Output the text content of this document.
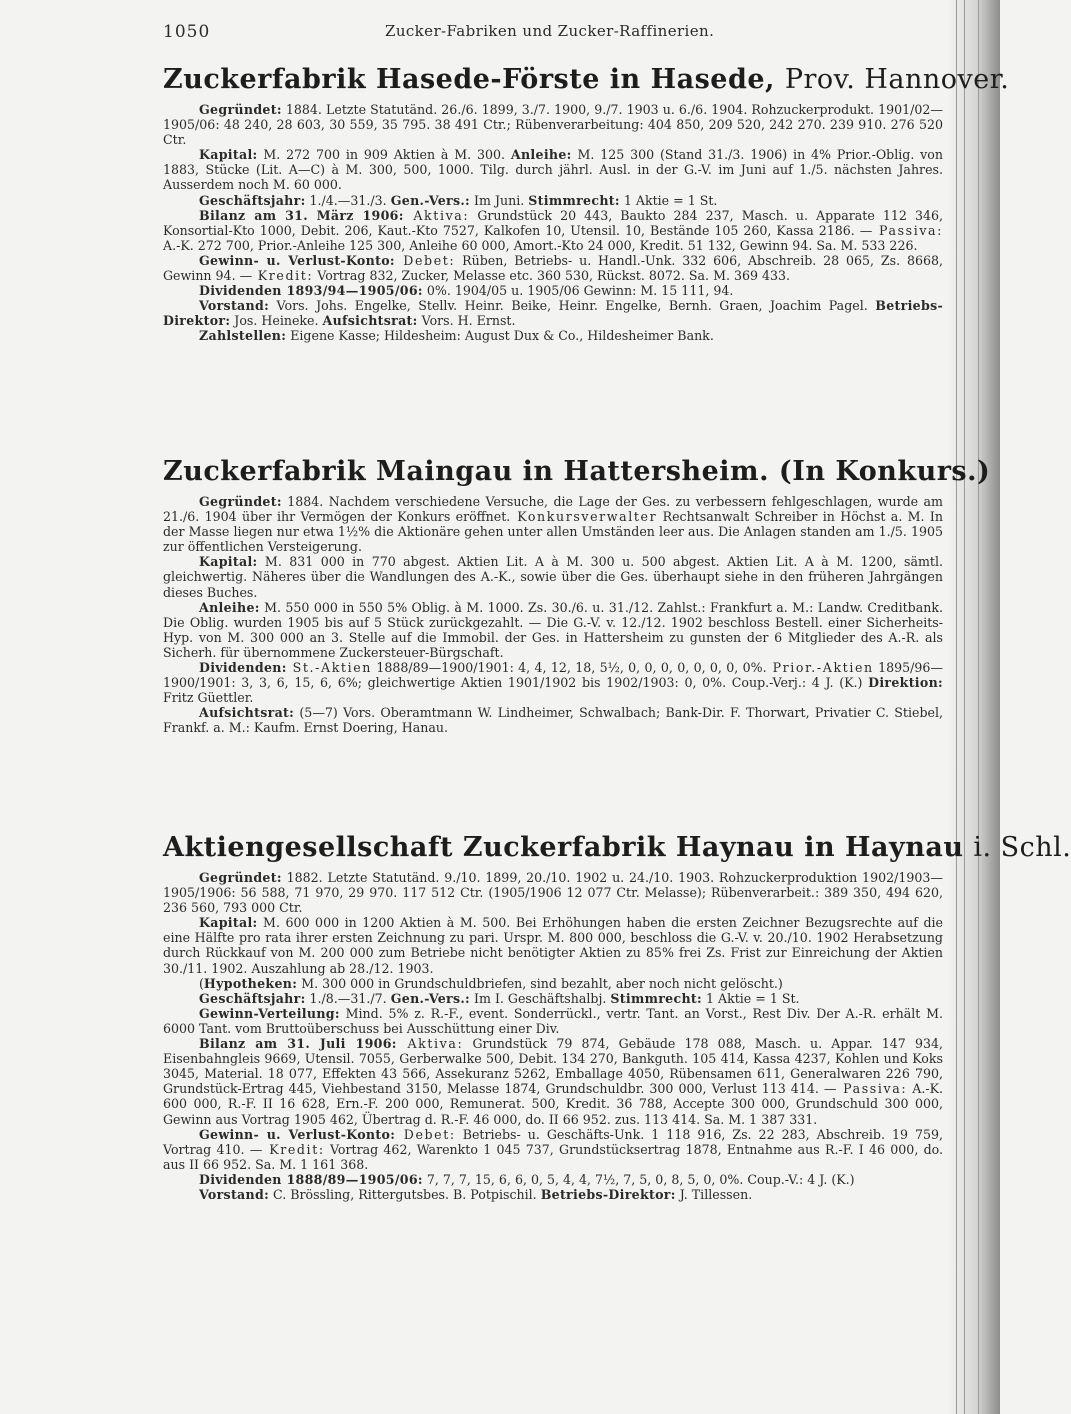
1050	Zucker-Fabriken und Zucker-Raffinerien.
Zuckerfabrik Hasede-Förste in Hasede, Prov. Hannover.

Gegründet: 1884. Letzte Statutänd. 26./6. 1899, 3./7. 1900, 9./7. 1903 u. 6./6. 1904. Rohzuckerprodukt. 1901/02—1905/06: 48 240, 28 603, 30 559, 35 795. 38 491 Ctr.; Rübenverarbeitung: 404 850, 209 520, 242 270. 239 910. 276 520 Ctr.

Kapital: M. 272 700 in 909 Aktien à M. 300. Anleihe: M. 125 300 (Stand 31./3. 1906) in 4% Prior.-Oblig. von 1883, Stücke (Lit. A—C) à M. 300, 500, 1000. Tilg. durch jährl. Ausl. in der G.-V. im Juni auf 1./5. nächsten Jahres. Ausserdem noch M. 60 000.

Geschäftsjahr: 1./4.—31./3. Gen.-Vers.: Im Juni. Stimmrecht: 1 Aktie = 1 St.

Bilanz am 31. März 1906: Aktiva: Grundstück 20 443, Baukto 284 237, Masch. u. Apparate 112 346, Konsortial-Kto 1000, Debit. 206, Kaut.-Kto 7527, Kalkofen 10, Utensil. 10, Bestände 105 260, Kassa 2186. — Passiva: A.-K. 272 700, Prior.-Anleihe 125 300, Anleihe 60 000, Amort.-Kto 24 000, Kredit. 51 132, Gewinn 94. Sa. M. 533 226.

Gewinn- u. Verlust-Konto: Debet: Rüben, Betriebs- u. Handl.-Unk. 332 606, Abschreib. 28 065, Zs. 8668, Gewinn 94. — Kredit: Vortrag 832, Zucker, Melasse etc. 360 530, Rückst. 8072. Sa. M. 369 433.

Dividenden 1893/94—1905/06: 0%. 1904/05 u. 1905/06 Gewinn: M. 15 111, 94.

Vorstand: Vors. Johs. Engelke, Stellv. Heinr. Beike, Heinr. Engelke, Bernh. Graen, Joachim Pagel. Betriebs-Direktor: Jos. Heineke. Aufsichtsrat: Vors. H. Ernst.

Zahlstellen: Eigene Kasse; Hildesheim: August Dux & Co., Hildesheimer Bank.

Zuckerfabrik Maingau in Hattersheim. (In Konkurs.)

Gegründet: 1884. Nachdem verschiedene Versuche, die Lage der Ges. zu verbessern fehlgeschlagen, wurde am 21./6. 1904 über ihr Vermögen der Konkurs eröffnet. Konkursverwalter Rechtsanwalt Schreiber in Höchst a. M. In der Masse liegen nur etwa 1½% die Aktionäre gehen unter allen Umständen leer aus. Die Anlagen standen am 1./5. 1905 zur öffentlichen Versteigerung.

Kapital: M. 831 000 in 770 abgest. Aktien Lit. A à M. 300 u. 500 abgest. Aktien Lit. A à M. 1200, sämtl. gleichwertig. Näheres über die Wandlungen des A.-K., sowie über die Ges. überhaupt siehe in den früheren Jahrgängen dieses Buches.

Anleihe: M. 550 000 in 550 5% Oblig. à M. 1000. Zs. 30./6. u. 31./12. Zahlst.: Frankfurt a. M.: Landw. Creditbank. Die Oblig. wurden 1905 bis auf 5 Stück zurückgezahlt. — Die G.-V. v. 12./12. 1902 beschloss Bestell. einer Sicherheits-Hyp. von M. 300 000 an 3. Stelle auf die Immobil. der Ges. in Hattersheim zu gunsten der 6 Mitglieder des A.-R. als Sicherh. für übernommene Zuckersteuer-Bürgschaft.

Dividenden: St.-Aktien 1888/89—1900/1901: 4, 4, 12, 18, 5½, 0, 0, 0, 0, 0, 0, 0, 0%. Prior.-Aktien 1895/96—1900/1901: 3, 3, 6, 15, 6, 6%; gleichwertige Aktien 1901/1902 bis 1902/1903: 0, 0%. Coup.-Verj.: 4 J. (K.) Direktion: Fritz Güettler.

Aufsichtsrat: (5—7) Vors. Oberamtmann W. Lindheimer, Schwalbach; Bank-Dir. F. Thorwart, Privatier C. Stiebel, Frankf. a. M.: Kaufm. Ernst Doering, Hanau.

Aktiengesellschaft Zuckerfabrik Haynau in Haynau i. Schl.

Gegründet: 1882. Letzte Statutänd. 9./10. 1899, 20./10. 1902 u. 24./10. 1903. Rohzuckerproduktion 1902/1903—1905/1906: 56 588, 71 970, 29 970. 117 512 Ctr. (1905/1906 12 077 Ctr. Melasse); Rübenverarbeit.: 389 350, 494 620, 236 560, 793 000 Ctr.

Kapital: M. 600 000 in 1200 Aktien à M. 500. Bei Erhöhungen haben die ersten Zeichner Bezugsrechte auf die eine Hälfte pro rata ihrer ersten Zeichnung zu pari. Urspr. M. 800 000, beschloss die G.-V. v. 20./10. 1902 Herabsetzung durch Rückkauf von M. 200 000 zum Betriebe nicht benötigter Aktien zu 85% frei Zs. Frist zur Einreichung der Aktien 30./11. 1902. Auszahlung ab 28./12. 1903.

(Hypotheken: M. 300 000 in Grundschuldbriefen, sind bezahlt, aber noch nicht gelöscht.)

Geschäftsjahr: 1./8.—31./7. Gen.-Vers.: Im I. Geschäftshalbj. Stimmrecht: 1 Aktie = 1 St.

Gewinn-Verteilung: Mind. 5% z. R.-F., event. Sonderrückl., vertr. Tant. an Vorst., Rest Div. Der A.-R. erhält M. 6000 Tant. vom Bruttoüberschuss bei Ausschüttung einer Div.

Bilanz am 31. Juli 1906: Aktiva: Grundstück 79 874, Gebäude 178 088, Masch. u. Appar. 147 934, Eisenbahngleis 9669, Utensil. 7055, Gerberwalke 500, Debit. 134 270, Bankguth. 105 414, Kassa 4237, Kohlen und Koks 3045, Material. 18 077, Effekten 43 566, Assekuranz 5262, Emballage 4050, Rübensamen 611, Generalwaren 226 790, Grundstück-Ertrag 445, Viehbestand 3150, Melasse 1874, Grundschuldbr. 300 000, Verlust 113 414. — Passiva: A.-K. 600 000, R.-F. II 16 628, Ern.-F. 200 000, Remunerat. 500, Kredit. 36 788, Accepte 300 000, Grundschuld 300 000, Gewinn aus Vortrag 1905 462, Übertrag d. R.-F. 46 000, do. II 66 952. zus. 113 414. Sa. M. 1 387 331.

Gewinn- u. Verlust-Konto: Debet: Betriebs- u. Geschäfts-Unk. 1 118 916, Zs. 22 283, Abschreib. 19 759, Vortrag 410. — Kredit: Vortrag 462, Warenkto 1 045 737, Grundstücksertrag 1878, Entnahme aus R.-F. I 46 000, do. aus II 66 952. Sa. M. 1 161 368.

Dividenden 1888/89—1905/06: 7, 7, 7, 15, 6, 6, 0, 5, 4, 4, 7½, 7, 5, 0, 8, 5, 0, 0%. Coup.-V.: 4 J. (K.)

Vorstand: C. Brössling, Rittergutsbes. B. Potpischil. Betriebs-Direktor: J. Tillessen.
